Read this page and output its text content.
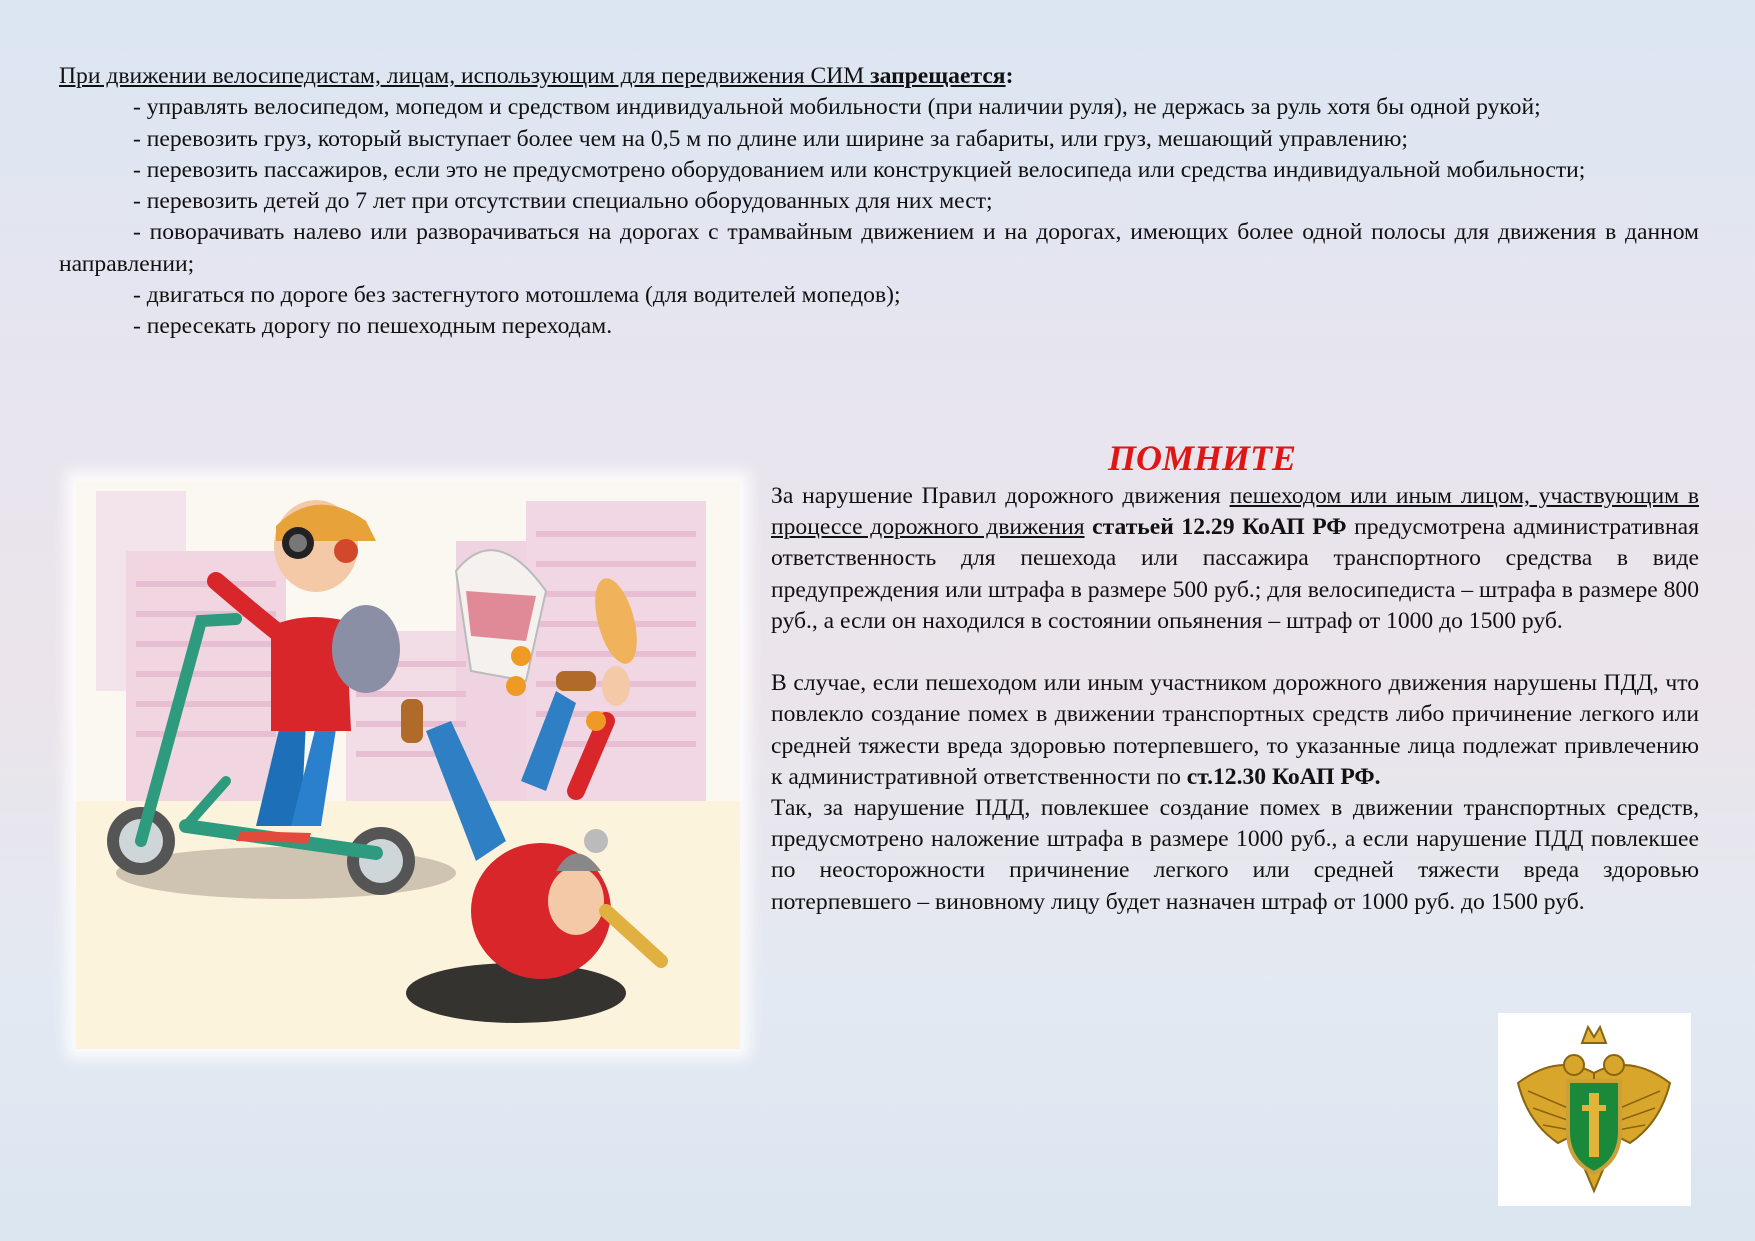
При движении велосипедистам, лицам, использующим для передвижения СИМ запрещается:

- управлять велосипедом, мопедом и средством индивидуальной мобильности (при наличии руля), не держась за руль хотя бы одной рукой;

- перевозить груз, который выступает более чем на 0,5 м по длине или ширине за габариты, или груз, мешающий управлению;

- перевозить пассажиров, если это не предусмотрено оборудованием или конструкцией велосипеда или средства индивидуальной мобильности;

- перевозить детей до 7 лет при отсутствии специально оборудованных для них мест;

- поворачивать налево или разворачиваться на дорогах с трамвайным движением и на дорогах, имеющих более одной полосы для движения в данном направлении;

- двигаться по дороге без застегнутого мотошлема (для водителей мопедов);

- пересекать дорогу по пешеходным переходам.

ПОМНИТЕ

За нарушение Правил дорожного движения пешеходом или иным лицом, участвующим в процессе дорожного движения статьей 12.29 КоАП РФ предусмотрена административная ответственность для пешехода или пассажира транспортного средства в виде предупреждения или штрафа в размере 500 руб.; для велосипедиста – штрафа в размере 800 руб., а если он находился в состоянии опьянения – штраф от 1000 до 1500 руб.

В случае, если пешеходом или иным участником дорожного движения нарушены ПДД, что повлекло создание помех в движении транспортных средств либо причинение легкого или средней тяжести вреда здоровью потерпевшего, то указанные лица подлежат привлечению к административной ответственности по ст.12.30 КоАП РФ.

Так, за нарушение ПДД, повлекшее создание помех в движении транспортных средств, предусмотрено наложение штрафа в размере 1000 руб., а если нарушение ПДД повлекшее по неосторожности причинение легкого или средней тяжести вреда здоровью потерпевшего – виновному лицу будет назначен штраф от 1000 руб. до 1500 руб.
